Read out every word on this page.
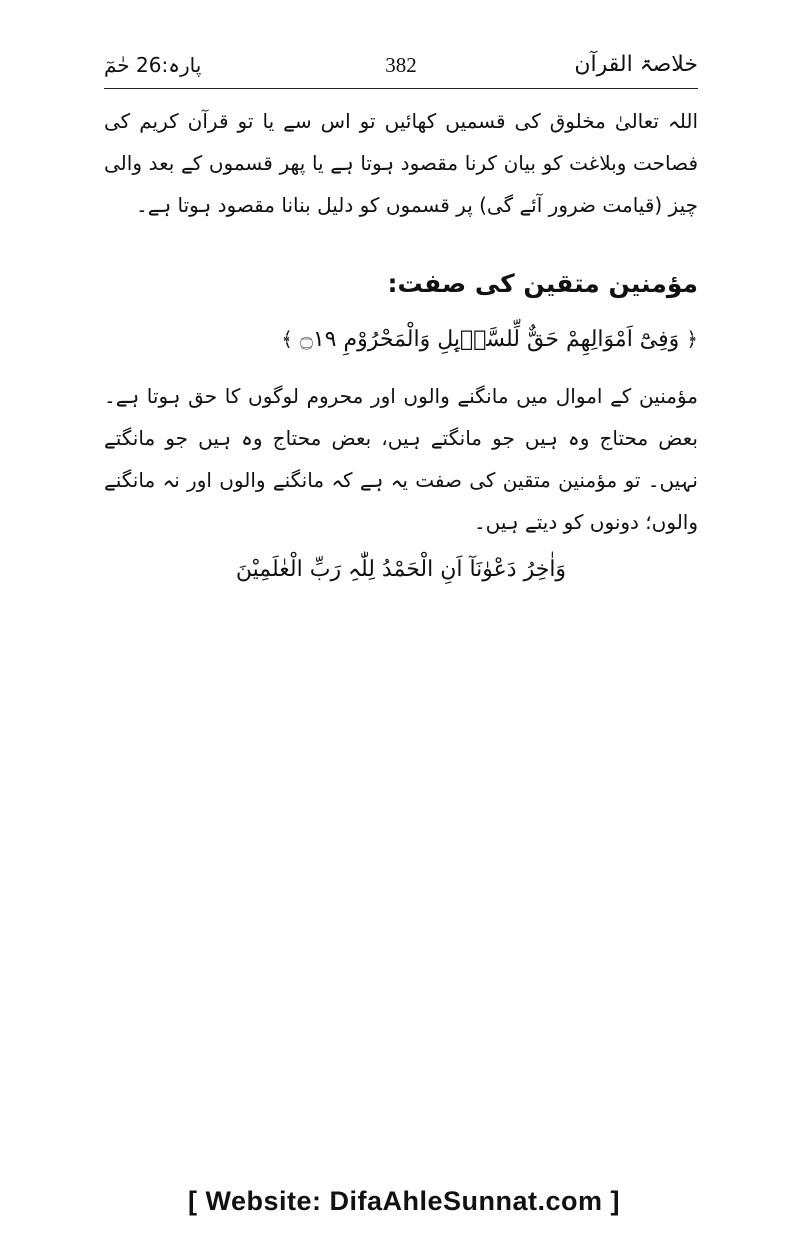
خلاصۃ القرآن
382
پارہ:26 حٰمٓ

اللہ تعالیٰ مخلوق کی قسمیں کھائیں تو اس سے یا تو قرآن کریم کی فصاحت وبلاغت کو بیان کرنا مقصود ہوتا ہے یا پھر قسموں کے بعد والی چیز (قیامت ضرور آئے گی) پر قسموں کو دلیل بنانا مقصود ہوتا ہے۔

مؤمنین متقین کی صفت:
﴿ وَفِیْٓ اَمْوَالِھِمْ حَقٌّ لِّلسَّاۗىِٕلِ وَالْمَحْرُوْمِ ۝١٩ ﴾

مؤمنین کے اموال میں مانگنے والوں اور محروم لوگوں کا حق ہوتا ہے۔ بعض محتاج وہ ہیں جو مانگتے ہیں، بعض محتاج وہ ہیں جو مانگتے نہیں۔ تو مؤمنین متقین کی صفت یہ ہے کہ مانگنے والوں اور نہ مانگنے والوں؛ دونوں کو دیتے ہیں۔

وَاٰخِرُ دَعْوٰنَآ اَنِ الْحَمْدُ لِلّٰہِ رَبِّ الْعٰلَمِیْنَ

[ Website: DifaAhleSunnat.com ]
